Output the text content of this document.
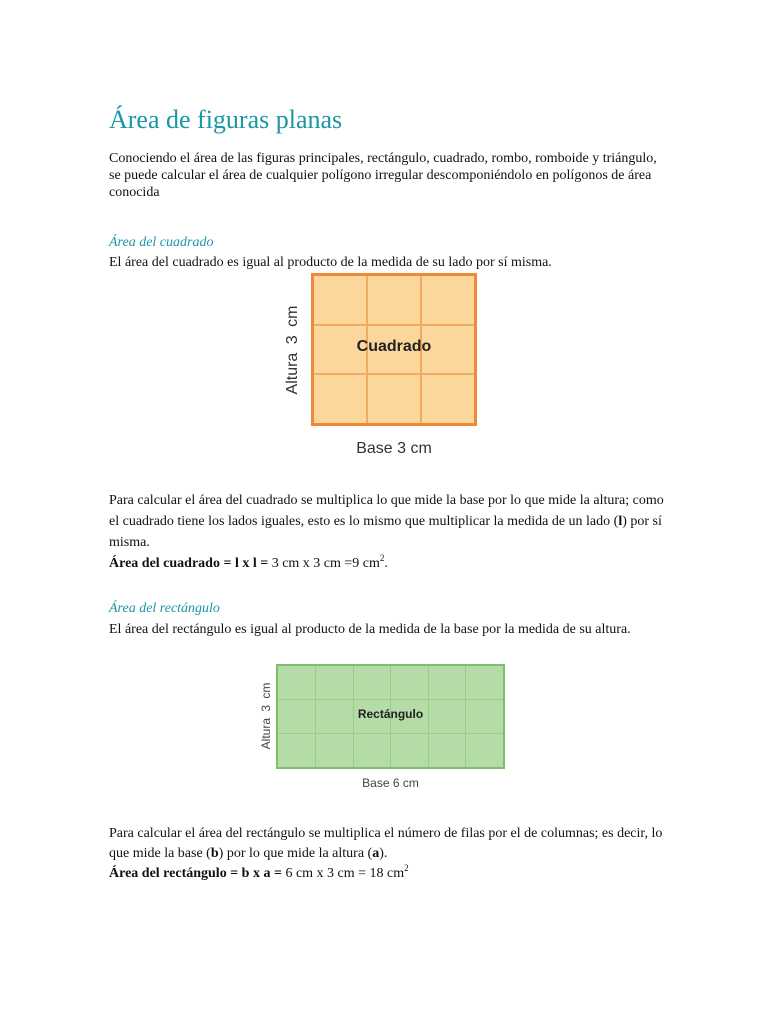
Área de figuras planas
Conociendo el área de las figuras principales, rectángulo, cuadrado, rombo, romboide y triángulo, se puede calcular el área de cualquier polígono irregular descomponiéndolo en polígonos de área conocida
Área del cuadrado
El área del cuadrado es igual al producto de la medida de su lado por sí misma.
Cuadrado
Base 3 cm
Altura 3 cm
Para calcular el área del cuadrado se multiplica lo que mide la base por lo que mide la altura; como el cuadrado tiene los lados iguales, esto es lo mismo que multiplicar la medida de un lado (l) por sí misma.
Área del cuadrado = l x l = 3 cm x 3 cm =9 $cm^2$.
Área del rectángulo
El área del rectángulo es igual al producto de la medida de la base por la medida de su altura.
Rectángulo
Base 6 cm
Altura 3 cm
Para calcular el área del rectángulo se multiplica el número de filas por el de columnas; es decir, lo que mide la base (b) por lo que mide la altura (a).
Área del rectángulo = b x a = 6 cm x 3 cm = 18 $cm^2$
